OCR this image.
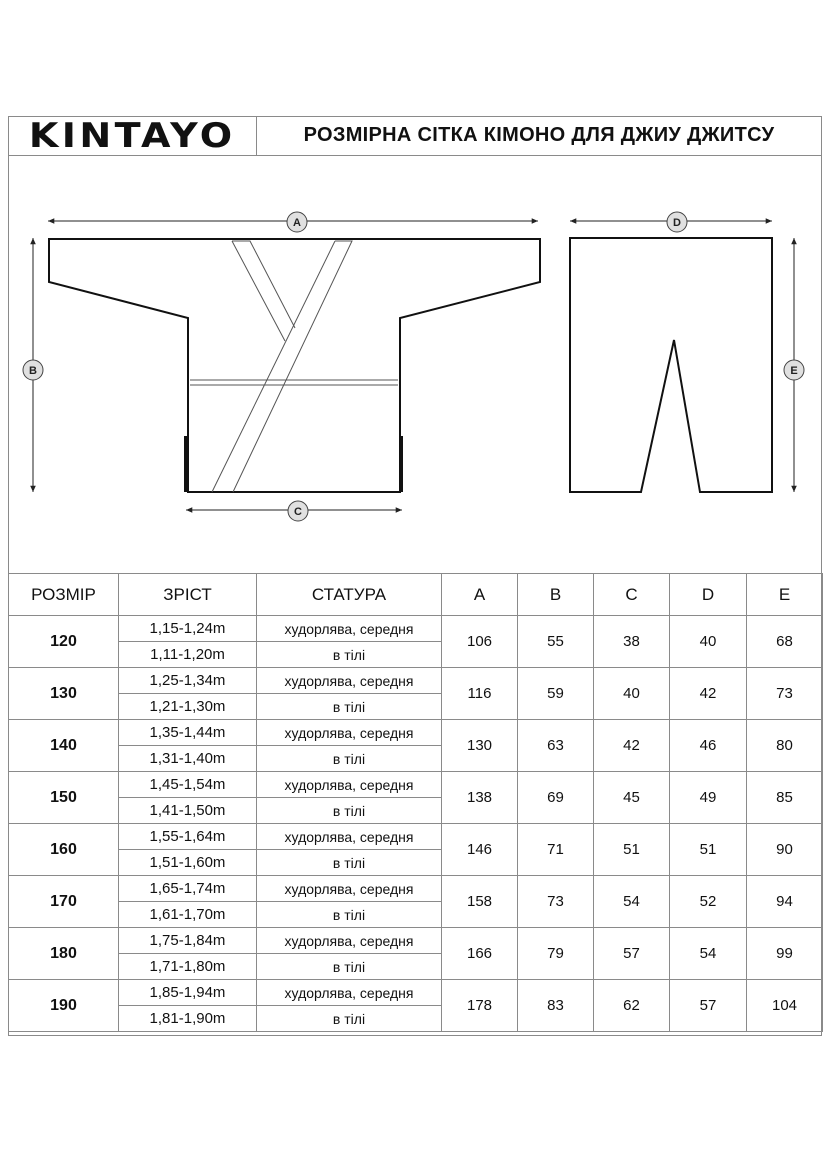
KINTAYO	РОЗМІРНА СІТКА КІМОНО ДЛЯ ДЖИУ ДЖИТСУ
A
B
C
D
E
РОЗМІР	ЗРІСТ	СТАТУРА	A	B	C	D	E
120	1,15-1,24m	худорлява, середня	106	55	38	40	68
	1,11-1,20m	в тілі					
130	1,25-1,34m	худорлява, середня	116	59	40	42	73
	1,21-1,30m	в тілі					
140	1,35-1,44m	худорлява, середня	130	63	42	46	80
	1,31-1,40m	в тілі					
150	1,45-1,54m	худорлява, середня	138	69	45	49	85
	1,41-1,50m	в тілі					
160	1,55-1,64m	худорлява, середня	146	71	51	51	90
	1,51-1,60m	в тілі					
170	1,65-1,74m	худорлява, середня	158	73	54	52	94
	1,61-1,70m	в тілі					
180	1,75-1,84m	худорлява, середня	166	79	57	54	99
	1,71-1,80m	в тілі					
190	1,85-1,94m	худорлява, середня	178	83	62	57	104
	1,81-1,90m	в тілі					
